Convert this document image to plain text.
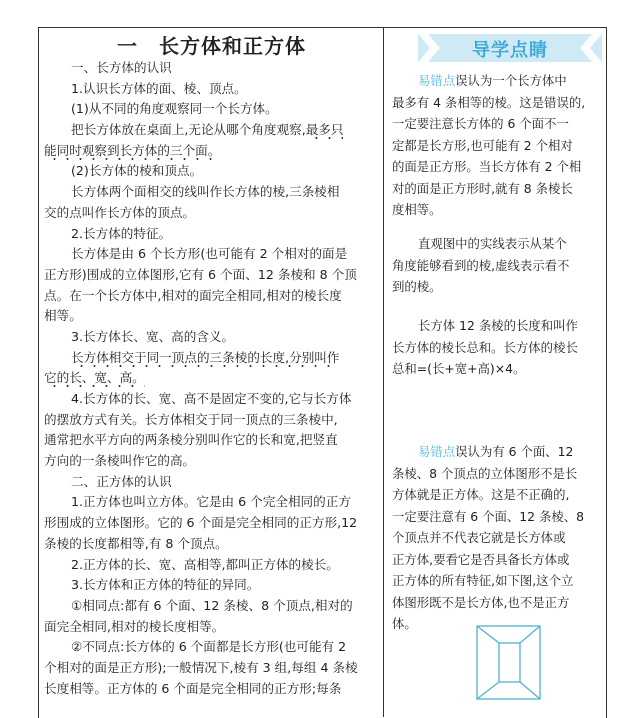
一　长方体和正方体
一、长方体的认识
1.认识长方体的面、棱、顶点。
(1)从不同的角度观察同一个长方体。
把长方体放在桌面上,无论从哪个角度观察,最多只
能同时观察到长方体的三个面。
(2)长方体的棱和顶点。
长方体两个面相交的线叫作长方体的棱,三条棱相
交的点叫作长方体的顶点。
2.长方体的特征。
长方体是由 6 个长方形(也可能有 2 个相对的面是
正方形)围成的立体图形,它有 6 个面、12 条棱和 8 个顶
点。在一个长方体中,相对的面完全相同,相对的棱长度
相等。
3.长方体长、宽、高的含义。
长方体相交于同一顶点的三条棱的长度,分别叫作
它的长、宽、高。
4.长方体的长、宽、高不是固定不变的,它与长方体
的摆放方式有关。长方体相交于同一顶点的三条棱中,
通常把水平方向的两条棱分别叫作它的长和宽,把竖直
方向的一条棱叫作它的高。
二、正方体的认识
1.正方体也叫立方体。它是由 6 个完全相同的正方
形围成的立体图形。它的 6 个面是完全相同的正方形,12
条棱的长度都相等,有 8 个顶点。
2.正方体的长、宽、高相等,都叫正方体的棱长。
3.长方体和正方体的特征的异同。
①相同点:都有 6 个面、12 条棱、8 个顶点,相对的
面完全相同,相对的棱长度相等。
②不同点:长方体的 6 个面都是长方形(也可能有 2
个相对的面是正方形);一般情况下,棱有 3 组,每组 4 条棱
长度相等。正方体的 6 个面是完全相同的正方形;每条
导学点睛
易错点误认为一个长方体中
最多有 4 条相等的棱。这是错误的,
一定要注意长方体的 6 个面不一
定都是长方形,也可能有 2 个相对
的面是正方形。当长方体有 2 个相
对的面是正方形时,就有 8 条棱长
度相等。
直观图中的实线表示从某个
角度能够看到的棱,虚线表示看不
到的棱。
长方体 12 条棱的长度和叫作
长方体的棱长总和。长方体的棱长
总和=(长+宽+高)×4。
易错点误认为有 6 个面、12
条棱、8 个顶点的立体图形不是长
方体就是正方体。这是不正确的,
一定要注意有 6 个面、12 条棱、8
个顶点并不代表它就是长方体或
正方体,要看它是否具备长方体或
正方体的所有特征,如下图,这个立
体图形既不是长方体,也不是正方
体。
